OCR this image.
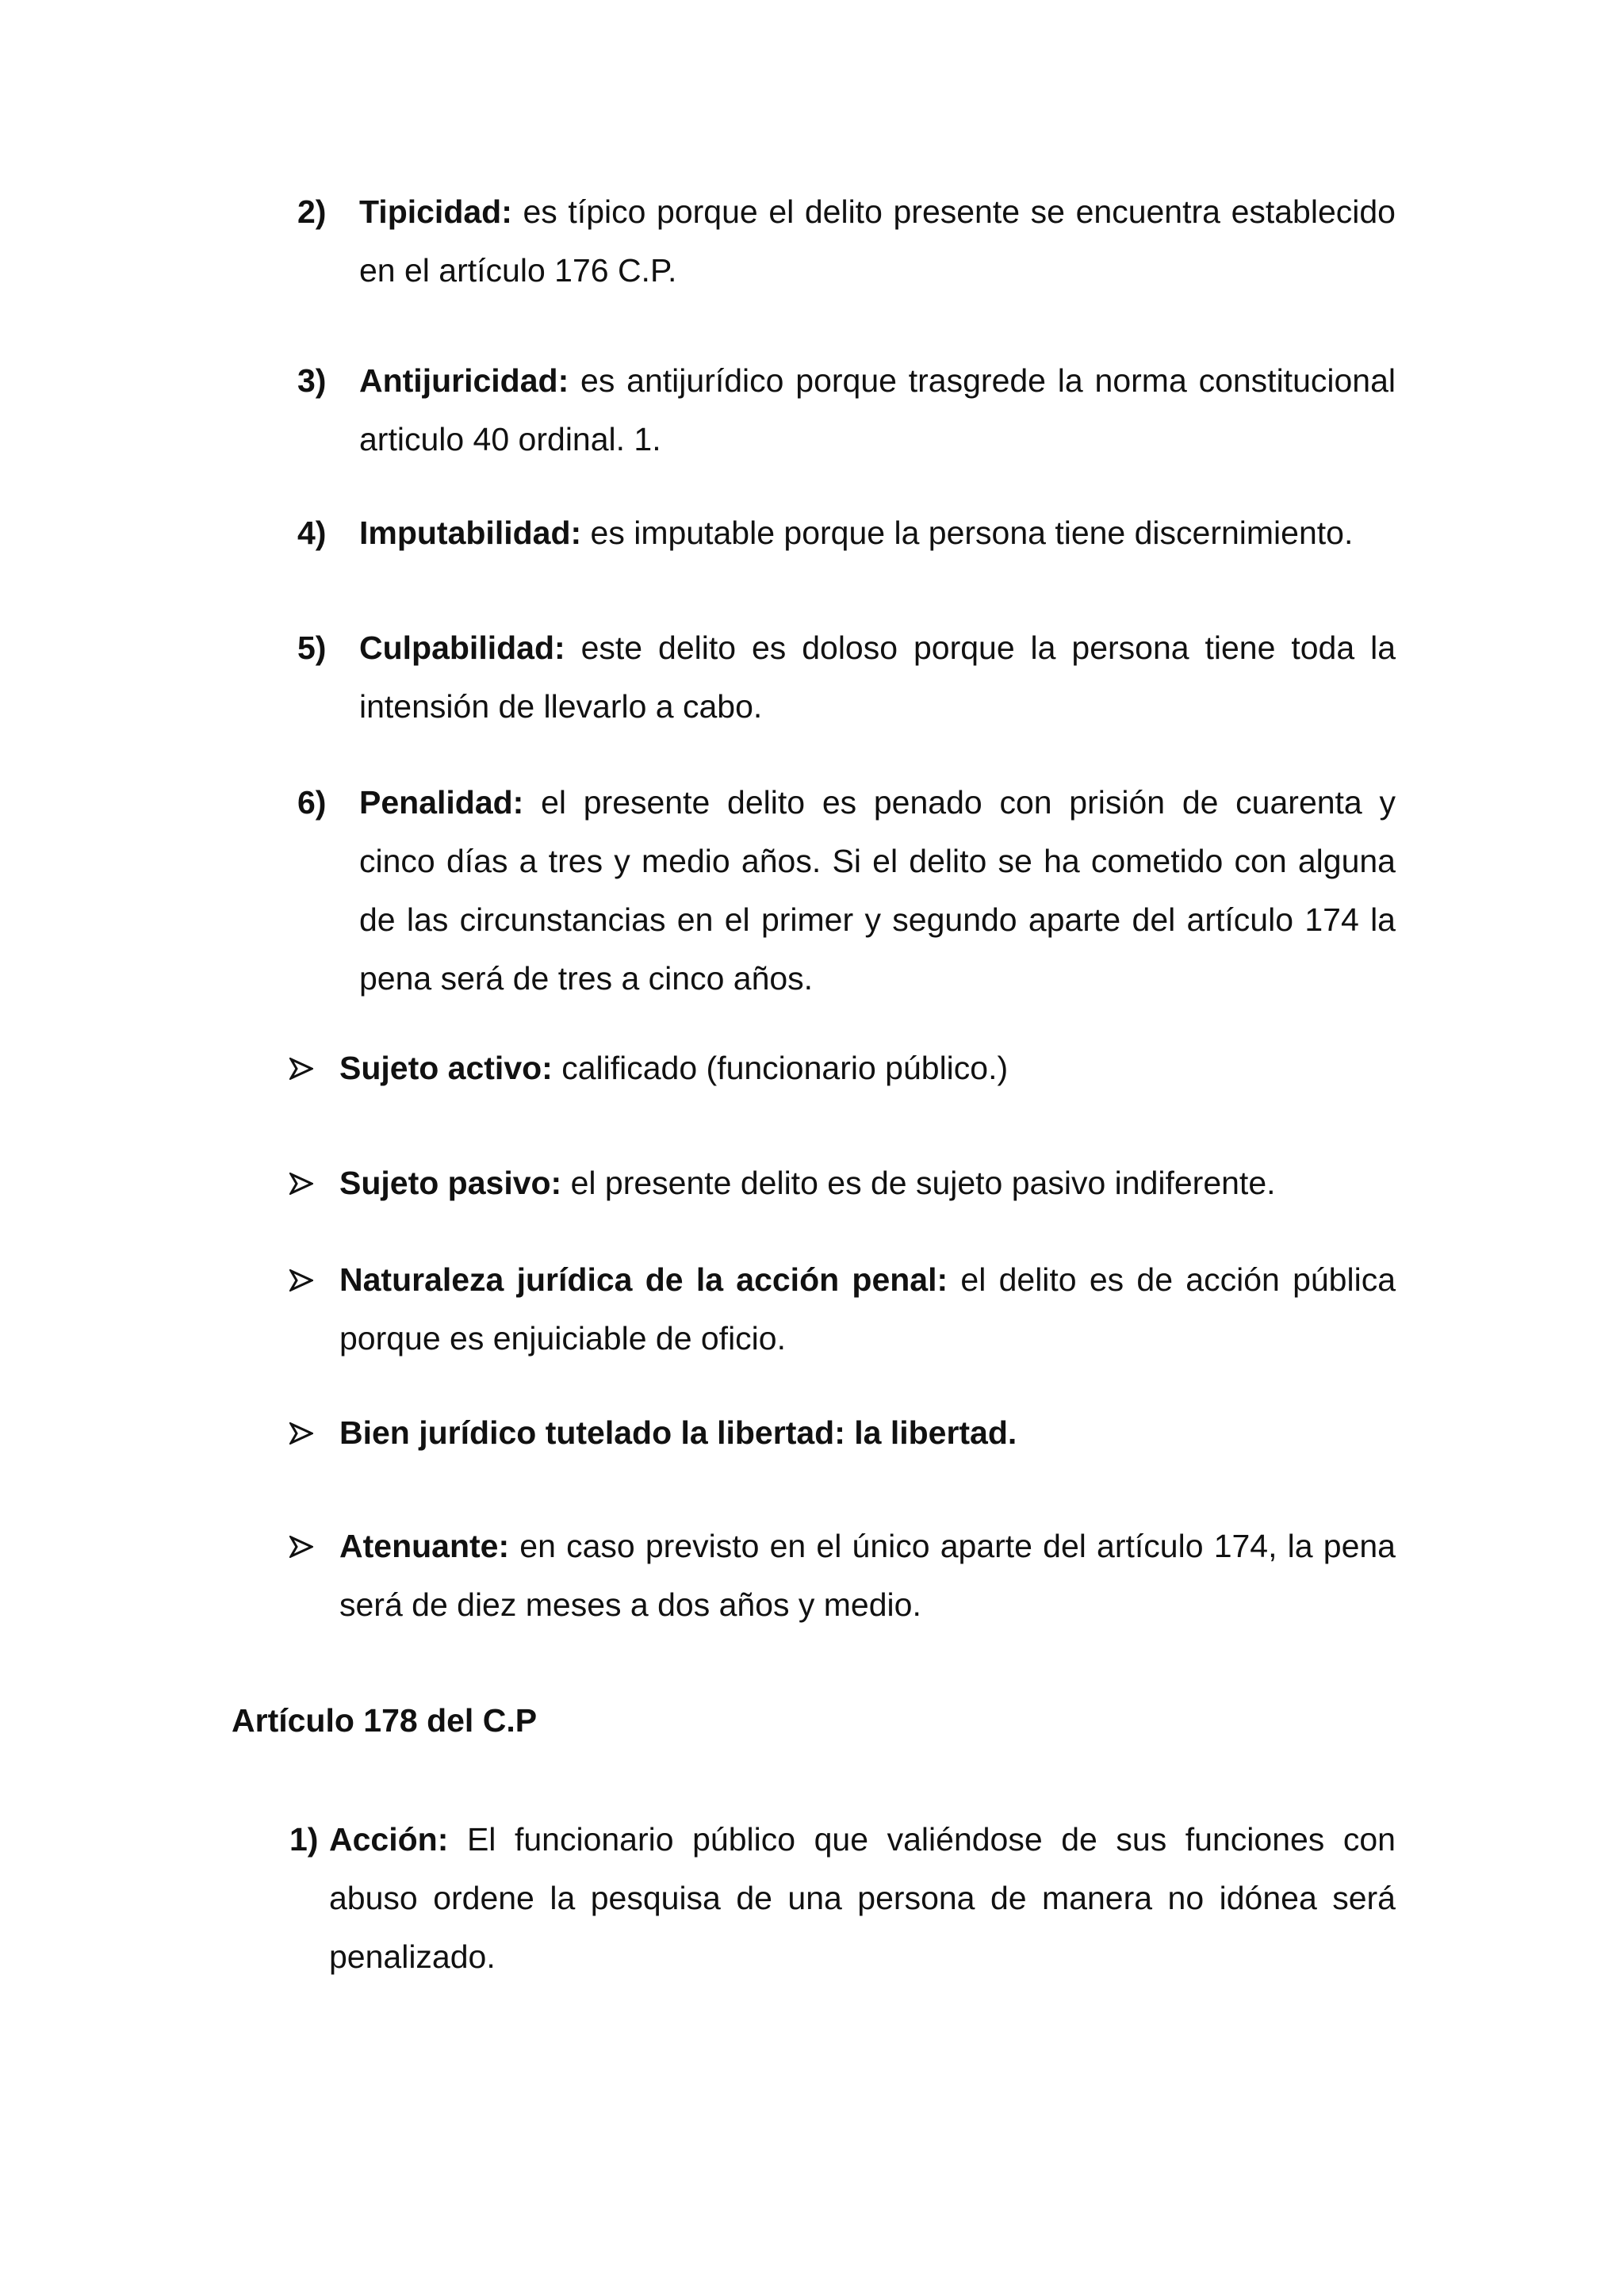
2) Tipicidad: es típico porque el delito presente se encuentra establecido en el artículo 176 C.P.
3) Antijuricidad: es antijurídico porque trasgrede la norma constitucional articulo 40 ordinal. 1.
4) Imputabilidad: es imputable porque la persona tiene discernimiento.
5) Culpabilidad: este delito es doloso porque la persona tiene toda la intensión de llevarlo a cabo.
6) Penalidad: el presente delito es penado con prisión de cuarenta y cinco días a tres y medio años. Si el delito se ha cometido con alguna de las circunstancias en el primer y segundo aparte del artículo 174 la pena será de tres a cinco años.
Sujeto activo: calificado (funcionario público.)
Sujeto pasivo: el presente delito es de sujeto pasivo indiferente.
Naturaleza jurídica de la acción penal: el delito es de acción pública porque es enjuiciable de oficio.
Bien jurídico tutelado la libertad: la libertad.
Atenuante: en caso previsto en el único aparte del artículo 174, la pena será de diez meses a dos años y medio.
Artículo 178 del C.P
1) Acción: El funcionario público que valiéndose de sus funciones con abuso ordene la pesquisa de una persona de manera no idónea será penalizado.
